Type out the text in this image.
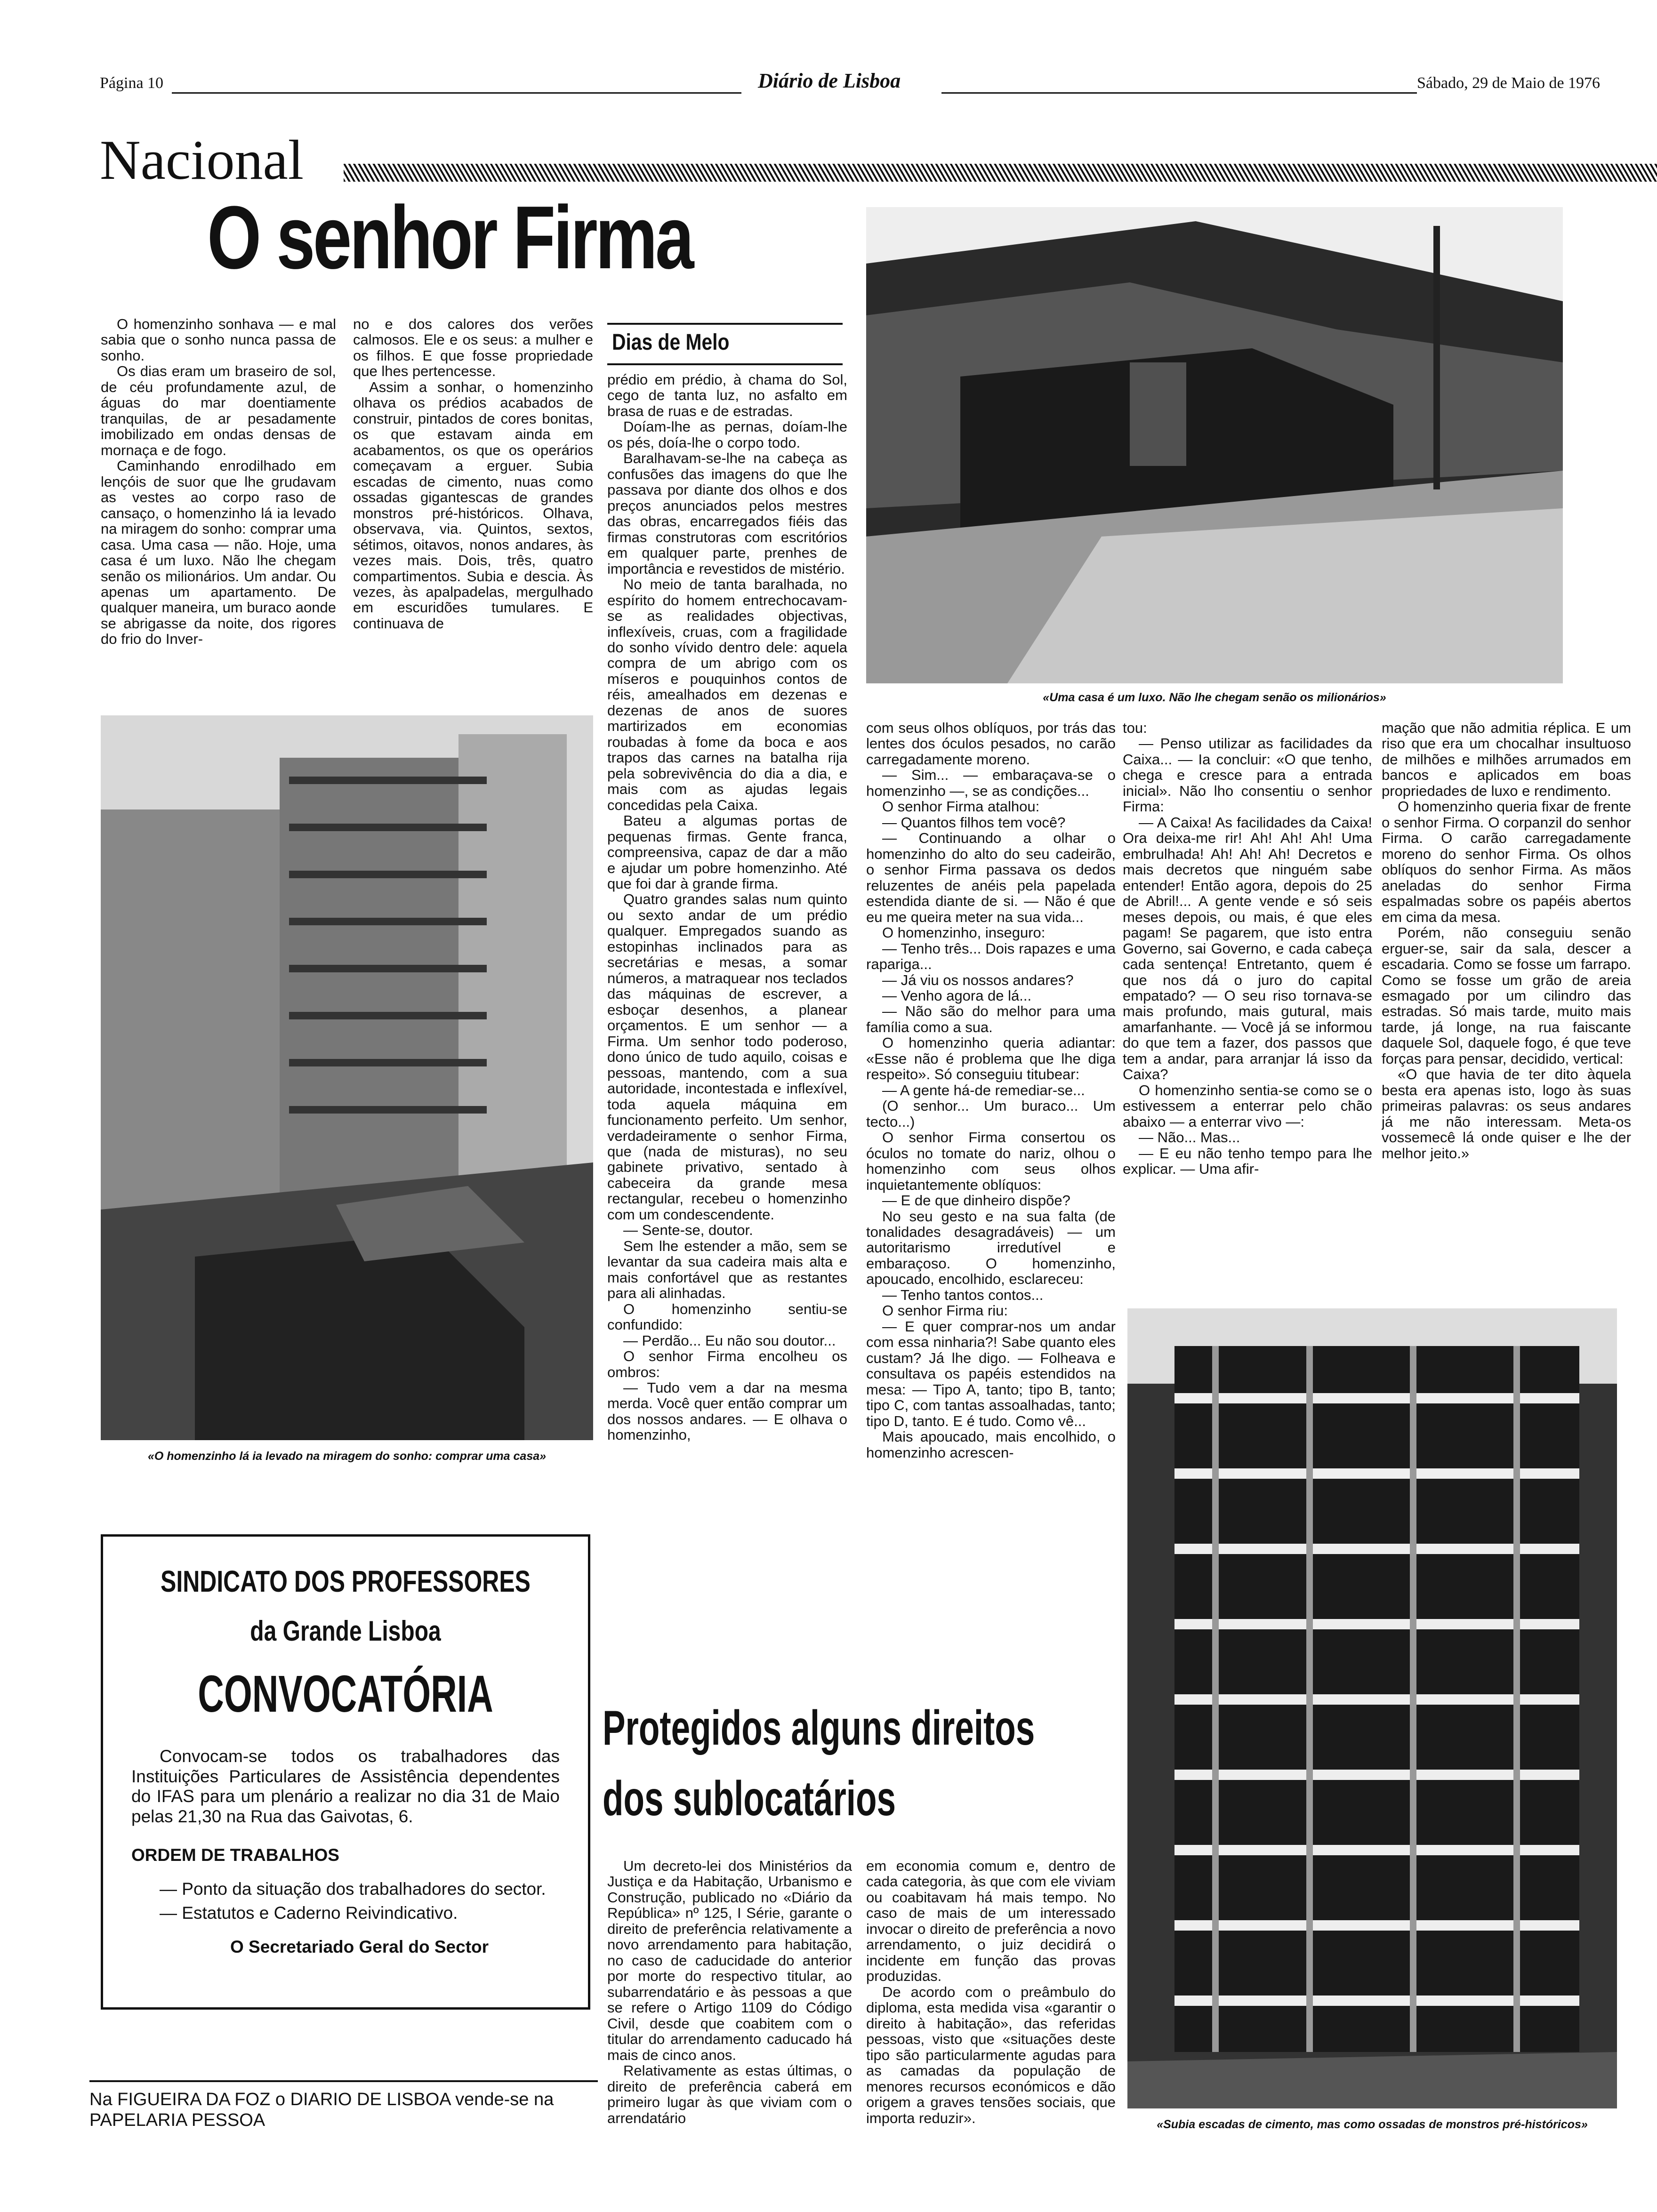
Página 10	Diário de Lisboa	Sábado, 29 de Maio de 1976
Nacional
O senhor Firma
«Uma casa é um luxo. Não lhe chegam senão os milionários»
Dias de Melo

O homenzinho sonhava — e mal sabia que o sonho nunca passa de sonho.

Os dias eram um braseiro de sol, de céu profundamente azul, de águas do mar doentiamente tranquilas, de ar pesadamente imobilizado em ondas densas de mornaça e de fogo.

Caminhando enrodilhado em lençóis de suor que lhe grudavam as vestes ao corpo raso de cansaço, o homenzinho lá ia levado na miragem do sonho: comprar uma casa. Uma casa — não. Hoje, uma casa é um luxo. Não lhe chegam senão os milionários. Um andar. Ou apenas um apartamento. De qualquer maneira, um buraco aonde se abrigasse da noite, dos rigores do frio do Inver-

no e dos calores dos verões calmosos. Ele e os seus: a mulher e os filhos. E que fosse propriedade que lhes pertencesse.

Assim a sonhar, o homenzinho olhava os prédios acabados de construir, pintados de cores bonitas, os que estavam ainda em acabamentos, os que os operários começavam a erguer. Subia escadas de cimento, nuas como ossadas gigantescas de grandes monstros pré-históricos. Olhava, observava, via. Quintos, sextos, sétimos, oitavos, nonos andares, às vezes mais. Dois, três, quatro compartimentos. Subia e descia. Às vezes, às apalpadelas, mergulhado em escuridões tumulares. E continuava de

prédio em prédio, à chama do Sol, cego de tanta luz, no asfalto em brasa de ruas e de estradas.

Doíam-lhe as pernas, doíam-lhe os pés, doía-lhe o corpo todo.

Baralhavam-se-lhe na cabeça as confusões das imagens do que lhe passava por diante dos olhos e dos preços anunciados pelos mestres das obras, encarregados fiéis das firmas construtoras com escritórios em qualquer parte, prenhes de importância e revestidos de mistério.

No meio de tanta baralhada, no espírito do homem entrechocavam-se as realidades objectivas, inflexíveis, cruas, com a fragilidade do sonho vívido dentro dele: aquela compra de um abrigo com os míseros e pouquinhos contos de réis, amealhados em dezenas e dezenas de anos de suores martirizados em economias roubadas à fome da boca e aos trapos das carnes na batalha rija pela sobrevivência do dia a dia, e mais com as ajudas legais concedidas pela Caixa.

Bateu a algumas portas de pequenas firmas. Gente franca, compreensiva, capaz de dar a mão e ajudar um pobre homenzinho. Até que foi dar à grande firma.

Quatro grandes salas num quinto ou sexto andar de um prédio qualquer. Empregados suando as estopinhas inclinados para as secretárias e mesas, a somar números, a matraquear nos teclados das máquinas de escrever, a esboçar desenhos, a planear orçamentos. E um senhor — a Firma. Um senhor todo poderoso, dono único de tudo aquilo, coisas e pessoas, mantendo, com a sua autoridade, incontestada e inflexível, toda aquela máquina em funcionamento perfeito. Um senhor, verdadeiramente o senhor Firma, que (nada de misturas), no seu gabinete privativo, sentado à cabeceira da grande mesa rectangular, recebeu o homenzinho com um condescendente.

— Sente-se, doutor.

Sem lhe estender a mão, sem se levantar da sua cadeira mais alta e mais confortável que as restantes para ali alinhadas.

O homenzinho sentiu-se confundido:

— Perdão... Eu não sou doutor...

O senhor Firma encolheu os ombros:

— Tudo vem a dar na mesma merda. Você quer então comprar um dos nossos andares. — E olhava o homenzinho,

com seus olhos oblíquos, por trás das lentes dos óculos pesados, no carão carregadamente moreno.

— Sim... — embaraçava-se o homenzinho —, se as condições...

O senhor Firma atalhou:

— Quantos filhos tem você?

— Continuando a olhar o homenzinho do alto do seu cadeirão, o senhor Firma passava os dedos reluzentes de anéis pela papelada estendida diante de si. — Não é que eu me queira meter na sua vida...

O homenzinho, inseguro:

— Tenho três... Dois rapazes e uma rapariga...

— Já viu os nossos andares?

— Venho agora de lá...

— Não são do melhor para uma família como a sua.

O homenzinho queria adiantar: «Esse não é problema que lhe diga respeito». Só conseguiu titubear:

— A gente há-de remediar-se...

(O senhor... Um buraco... Um tecto...)

O senhor Firma consertou os óculos no tomate do nariz, olhou o homenzinho com seus olhos inquietantemente oblíquos:

— E de que dinheiro dispõe?

No seu gesto e na sua falta (de tonalidades desagradáveis) — um autoritarismo irredutível e embaraçoso. O homenzinho, apoucado, encolhido, esclareceu:

— Tenho tantos contos...

O senhor Firma riu:

— E quer comprar-nos um andar com essa ninharia?! Sabe quanto eles custam? Já lhe digo. — Folheava e consultava os papéis estendidos na mesa: — Tipo A, tanto; tipo B, tanto; tipo C, com tantas assoalhadas, tanto; tipo D, tanto. E é tudo. Como vê...

Mais apoucado, mais encolhido, o homenzinho acrescen-

tou:

— Penso utilizar as facilidades da Caixa... — Ia concluir: «O que tenho, chega e cresce para a entrada inicial». Não lho consentiu o senhor Firma:

— A Caixa! As facilidades da Caixa! Ora deixa-me rir! Ah! Ah! Ah! Uma embrulhada! Ah! Ah! Ah! Decretos e mais decretos que ninguém sabe entender! Então agora, depois do 25 de Abril!... A gente vende e só seis meses depois, ou mais, é que eles pagam! Se pagarem, que isto entra Governo, sai Governo, e cada cabeça cada sentença! Entretanto, quem é que nos dá o juro do capital empatado? — O seu riso tornava-se mais profundo, mais gutural, mais amarfanhante. — Você já se informou do que tem a fazer, dos passos que tem a andar, para arranjar lá isso da Caixa?

O homenzinho sentia-se como se o estivessem a enterrar pelo chão abaixo — a enterrar vivo —:

— Não... Mas...

— E eu não tenho tempo para lhe explicar. — Uma afir-

mação que não admitia réplica. E um riso que era um chocalhar insultuoso de milhões e milhões arrumados em bancos e aplicados em boas propriedades de luxo e rendimento.

O homenzinho queria fixar de frente o senhor Firma. O corpanzil do senhor Firma. O carão carregadamente moreno do senhor Firma. Os olhos oblíquos do senhor Firma. As mãos aneladas do senhor Firma espalmadas sobre os papéis abertos em cima da mesa.

Porém, não conseguiu senão erguer-se, sair da sala, descer a escadaria. Como se fosse um farrapo. Como se fosse um grão de areia esmagado por um cilindro das estradas. Só mais tarde, muito mais tarde, já longe, na rua faiscante daquele Sol, daquele fogo, é que teve forças para pensar, decidido, vertical:

«O que havia de ter dito àquela besta era apenas isto, logo às suas primeiras palavras: os seus andares já me não interessam. Meta-os vossemecê lá onde quiser e lhe der melhor jeito.»

«O homenzinho lá ia levado na miragem do sonho: comprar uma casa»
SINDICATO DOS PROFESSORES
da Grande Lisboa
CONVOCATÓRIA
Convocam-se todos os trabalhadores das Instituições Particulares de Assistência dependentes do IFAS para um plenário a realizar no dia 31 de Maio pelas 21,30 na Rua das Gaivotas, 6.
ORDEM DE TRABALHOS
— Ponto da situação dos trabalhadores do sector.
— Estatutos e Caderno Reivindicativo.
O Secretariado Geral do Sector
Na FIGUEIRA DA FOZ o DIARIO DE LISBOA vende-se na PAPELARIA PESSOA
Protegidos alguns direitos
dos sublocatários

Um decreto-lei dos Ministérios da Justiça e da Habitação, Urbanismo e Construção, publicado no «Diário da República» nº 125, I Série, garante o direito de preferência relativamente a novo arrendamento para habitação, no caso de caducidade do anterior por morte do respectivo titular, ao subarrendatário e às pessoas a que se refere o Artigo 1109 do Código Civil, desde que coabitem com o titular do arrendamento caducado há mais de cinco anos.

Relativamente as estas últimas, o direito de preferência caberá em primeiro lugar às que viviam com o arrendatário

em economia comum e, dentro de cada categoria, às que com ele viviam ou coabitavam há mais tempo. No caso de mais de um interessado invocar o direito de preferência a novo arrendamento, o juiz decidirá o incidente em função das provas produzidas.

De acordo com o preâmbulo do diploma, esta medida visa «garantir o direito à habitação», das referidas pessoas, visto que «situações deste tipo são particularmente agudas para as camadas da população de menores recursos económicos e dão origem a graves tensões sociais, que importa reduzir».	«Subia escadas de cimento, mas como ossadas de monstros pré-históricos»
